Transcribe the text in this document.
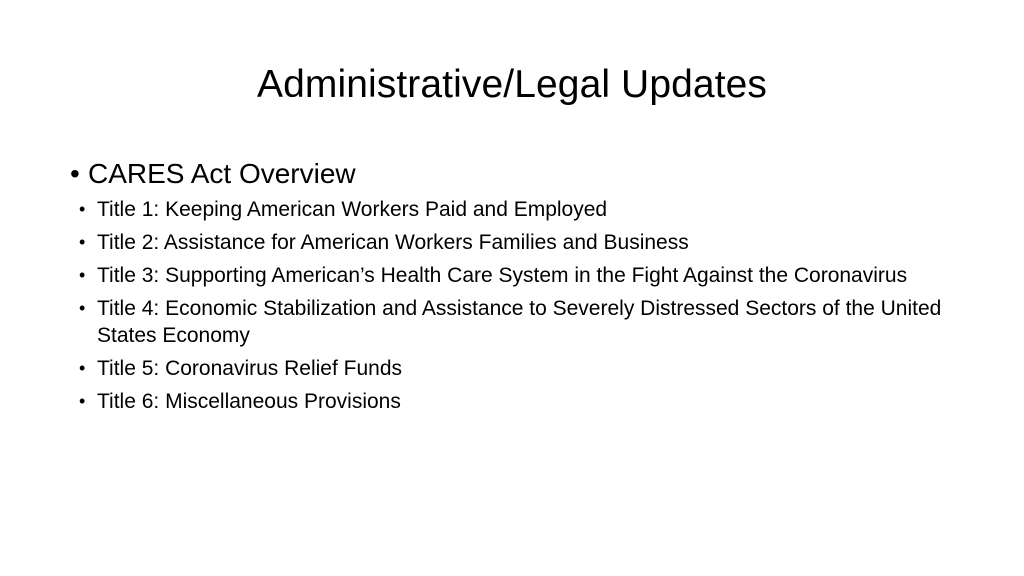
Administrative/Legal Updates
• CARES Act Overview
• Title 1: Keeping American Workers Paid and Employed
• Title 2: Assistance for American Workers Families and Business
• Title 3: Supporting American’s Health Care System in the Fight Against the Coronavirus
• Title 4: Economic Stabilization and Assistance to Severely Distressed Sectors of the United States Economy
• Title 5: Coronavirus Relief Funds
• Title 6: Miscellaneous Provisions
